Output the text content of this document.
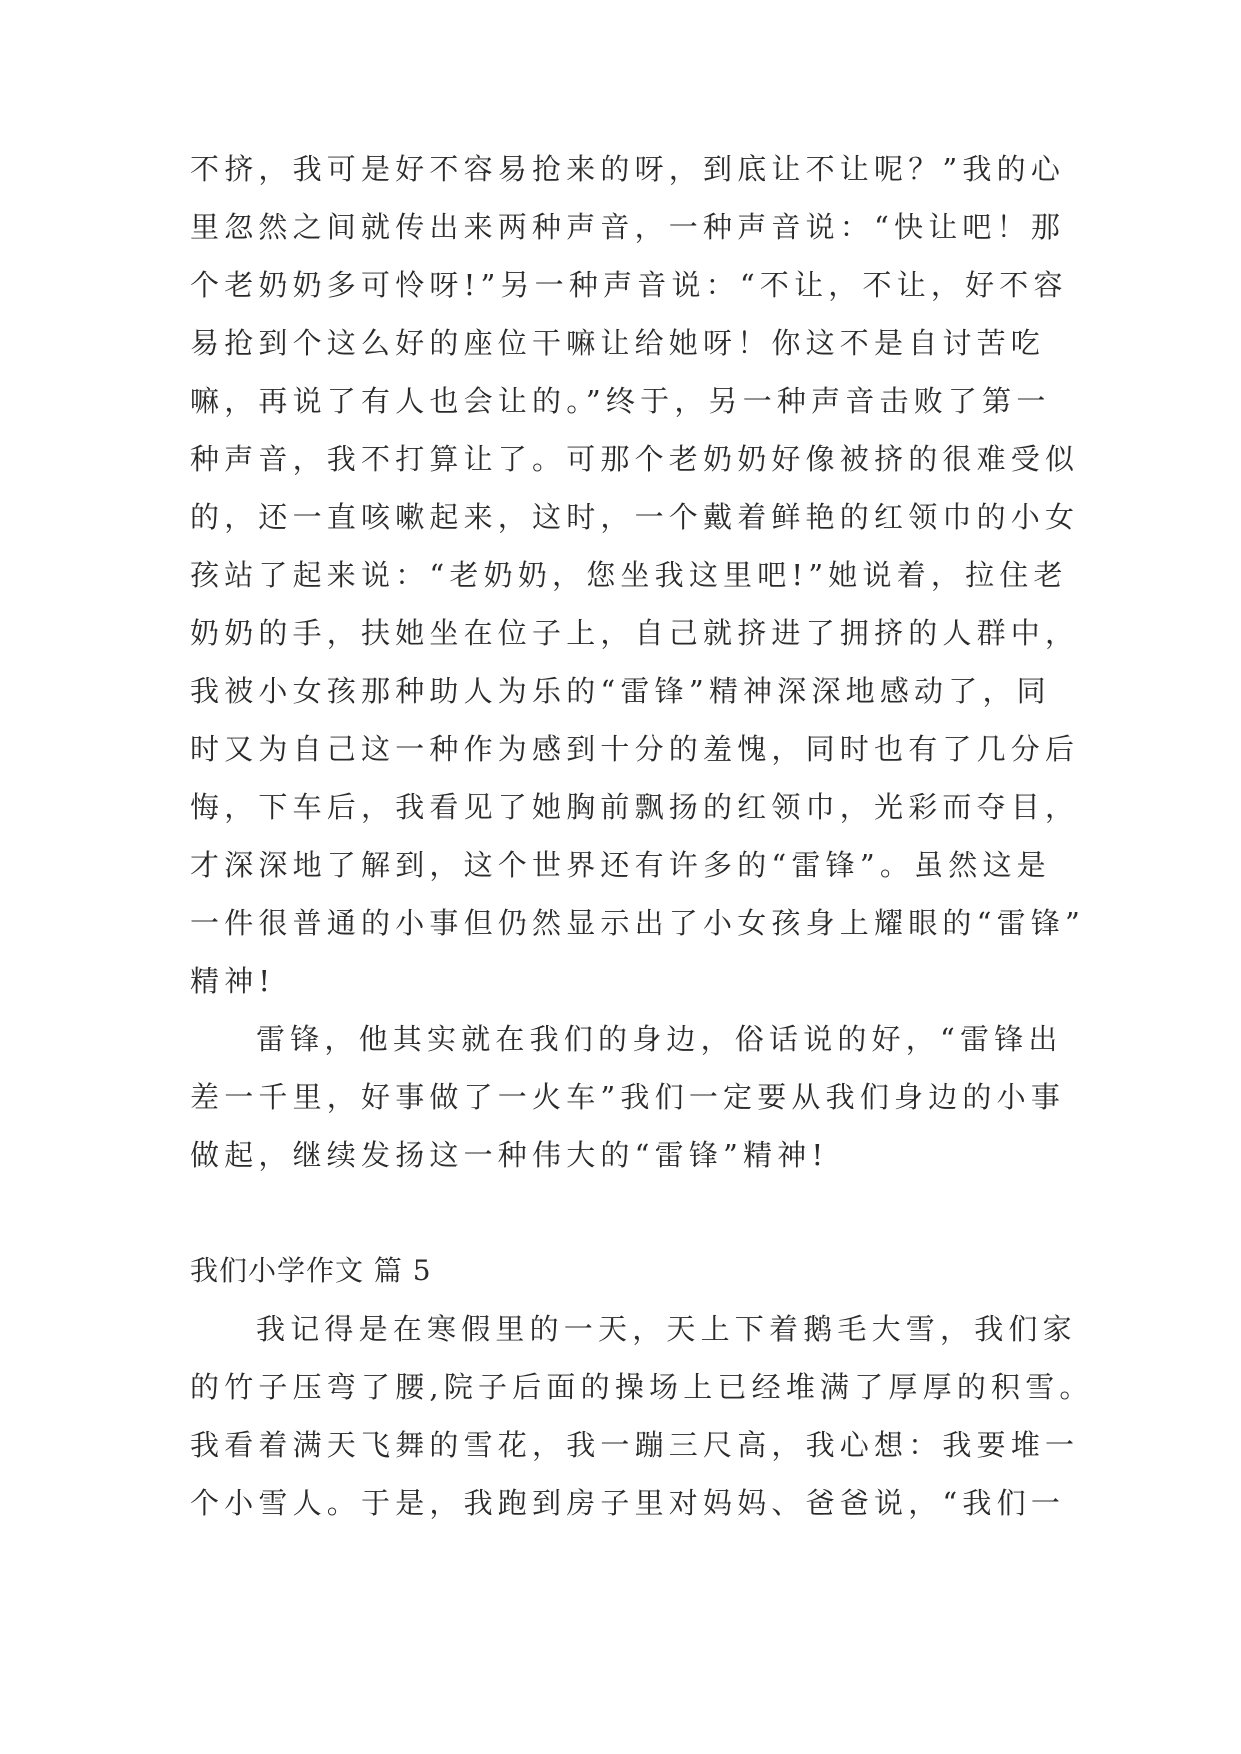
不挤，我可是好不容易抢来的呀，到底让不让呢？”我的心
里忽然之间就传出来两种声音，一种声音说：“快让吧！那
个老奶奶多可怜呀!”另一种声音说：“不让，不让，好不容
易抢到个这么好的座位干嘛让给她呀！你这不是自讨苦吃
嘛，再说了有人也会让的。”终于，另一种声音击败了第一
种声音，我不打算让了。可那个老奶奶好像被挤的很难受似
的，还一直咳嗽起来，这时，一个戴着鲜艳的红领巾的小女
孩站了起来说：“老奶奶，您坐我这里吧!”她说着，拉住老
奶奶的手，扶她坐在位子上，自己就挤进了拥挤的人群中，
我被小女孩那种助人为乐的“雷锋”精神深深地感动了，同
时又为自己这一种作为感到十分的羞愧，同时也有了几分后
悔，下车后，我看见了她胸前飘扬的红领巾，光彩而夺目，
才深深地了解到，这个世界还有许多的“雷锋”。虽然这是
一件很普通的小事但仍然显示出了小女孩身上耀眼的“雷锋”
精神!
雷锋，他其实就在我们的身边，俗话说的好，“雷锋出
差一千里，好事做了一火车”我们一定要从我们身边的小事
做起，继续发扬这一种伟大的“雷锋”精神!
我们小学作文 篇 5
我记得是在寒假里的一天，天上下着鹅毛大雪，我们家
的竹子压弯了腰,院子后面的操场上已经堆满了厚厚的积雪。
我看着满天飞舞的雪花，我一蹦三尺高，我心想：我要堆一
个小雪人。于是，我跑到房子里对妈妈、爸爸说，“我们一
